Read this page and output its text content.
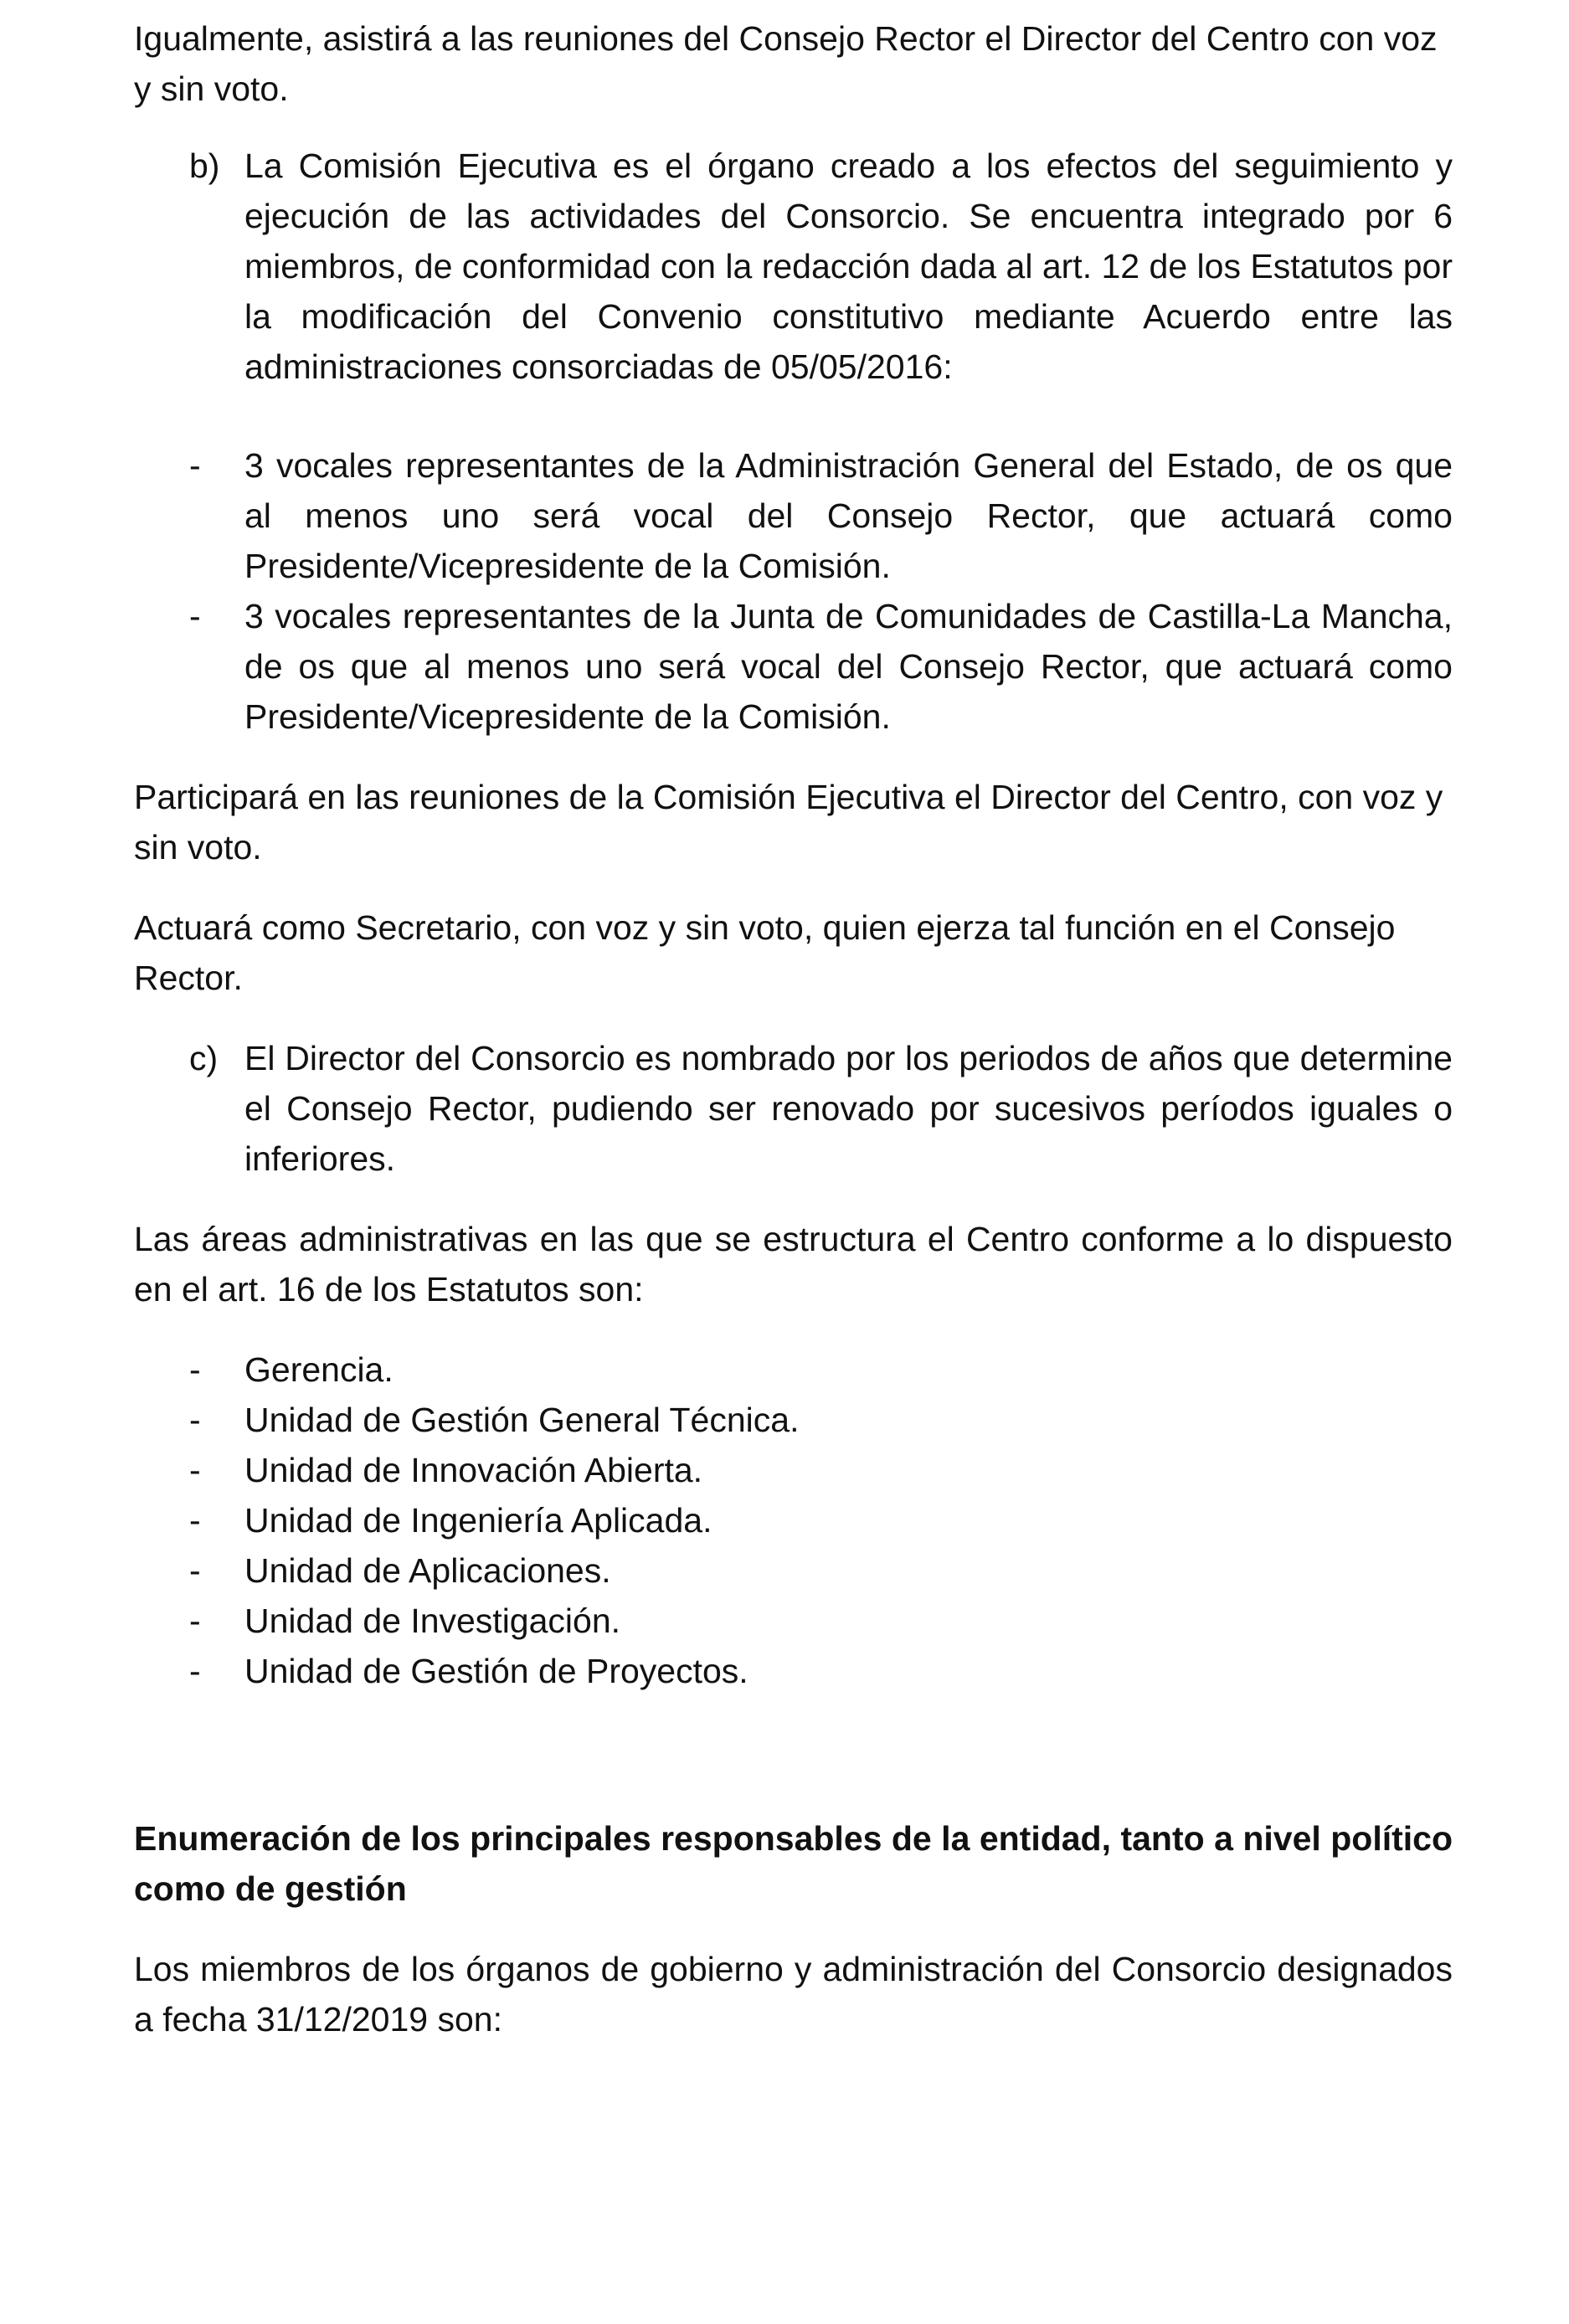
Igualmente, asistirá a las reuniones del Consejo Rector el Director del Centro con voz y sin voto.

b) La Comisión Ejecutiva es el órgano creado a los efectos del seguimiento y ejecución de las actividades del Consorcio. Se encuentra integrado por 6 miembros, de conformidad con la redacción dada al art. 12 de los Estatutos por la modificación del Convenio constitutivo mediante Acuerdo entre las administraciones consorciadas de 05/05/2016:
-	3 vocales representantes de la Administración General del Estado, de os que al menos uno será vocal del Consejo Rector, que actuará como Presidente/Vicepresidente de la Comisión.
-	3 vocales representantes de la Junta de Comunidades de Castilla-La Mancha, de os que al menos uno será vocal del Consejo Rector, que actuará como Presidente/Vicepresidente de la Comisión.

Participará en las reuniones de la Comisión Ejecutiva el Director del Centro, con voz y sin voto.

Actuará como Secretario, con voz y sin voto, quien ejerza tal función en el Consejo Rector.

c) El Director del Consorcio es nombrado por los periodos de años que determine el Consejo Rector, pudiendo ser renovado por sucesivos períodos iguales o inferiores.

Las áreas administrativas en las que se estructura el Centro conforme a lo dispuesto en el art. 16 de los Estatutos son:

-	Gerencia.
-	Unidad de Gestión General Técnica.
-	Unidad de Innovación Abierta.
-	Unidad de Ingeniería Aplicada.
-	Unidad de Aplicaciones.
-	Unidad de Investigación.
-	Unidad de Gestión de Proyectos.

Enumeración de los principales responsables de la entidad, tanto a nivel político como de gestión

Los miembros de los órganos de gobierno y administración del Consorcio designados a fecha 31/12/2019 son:
